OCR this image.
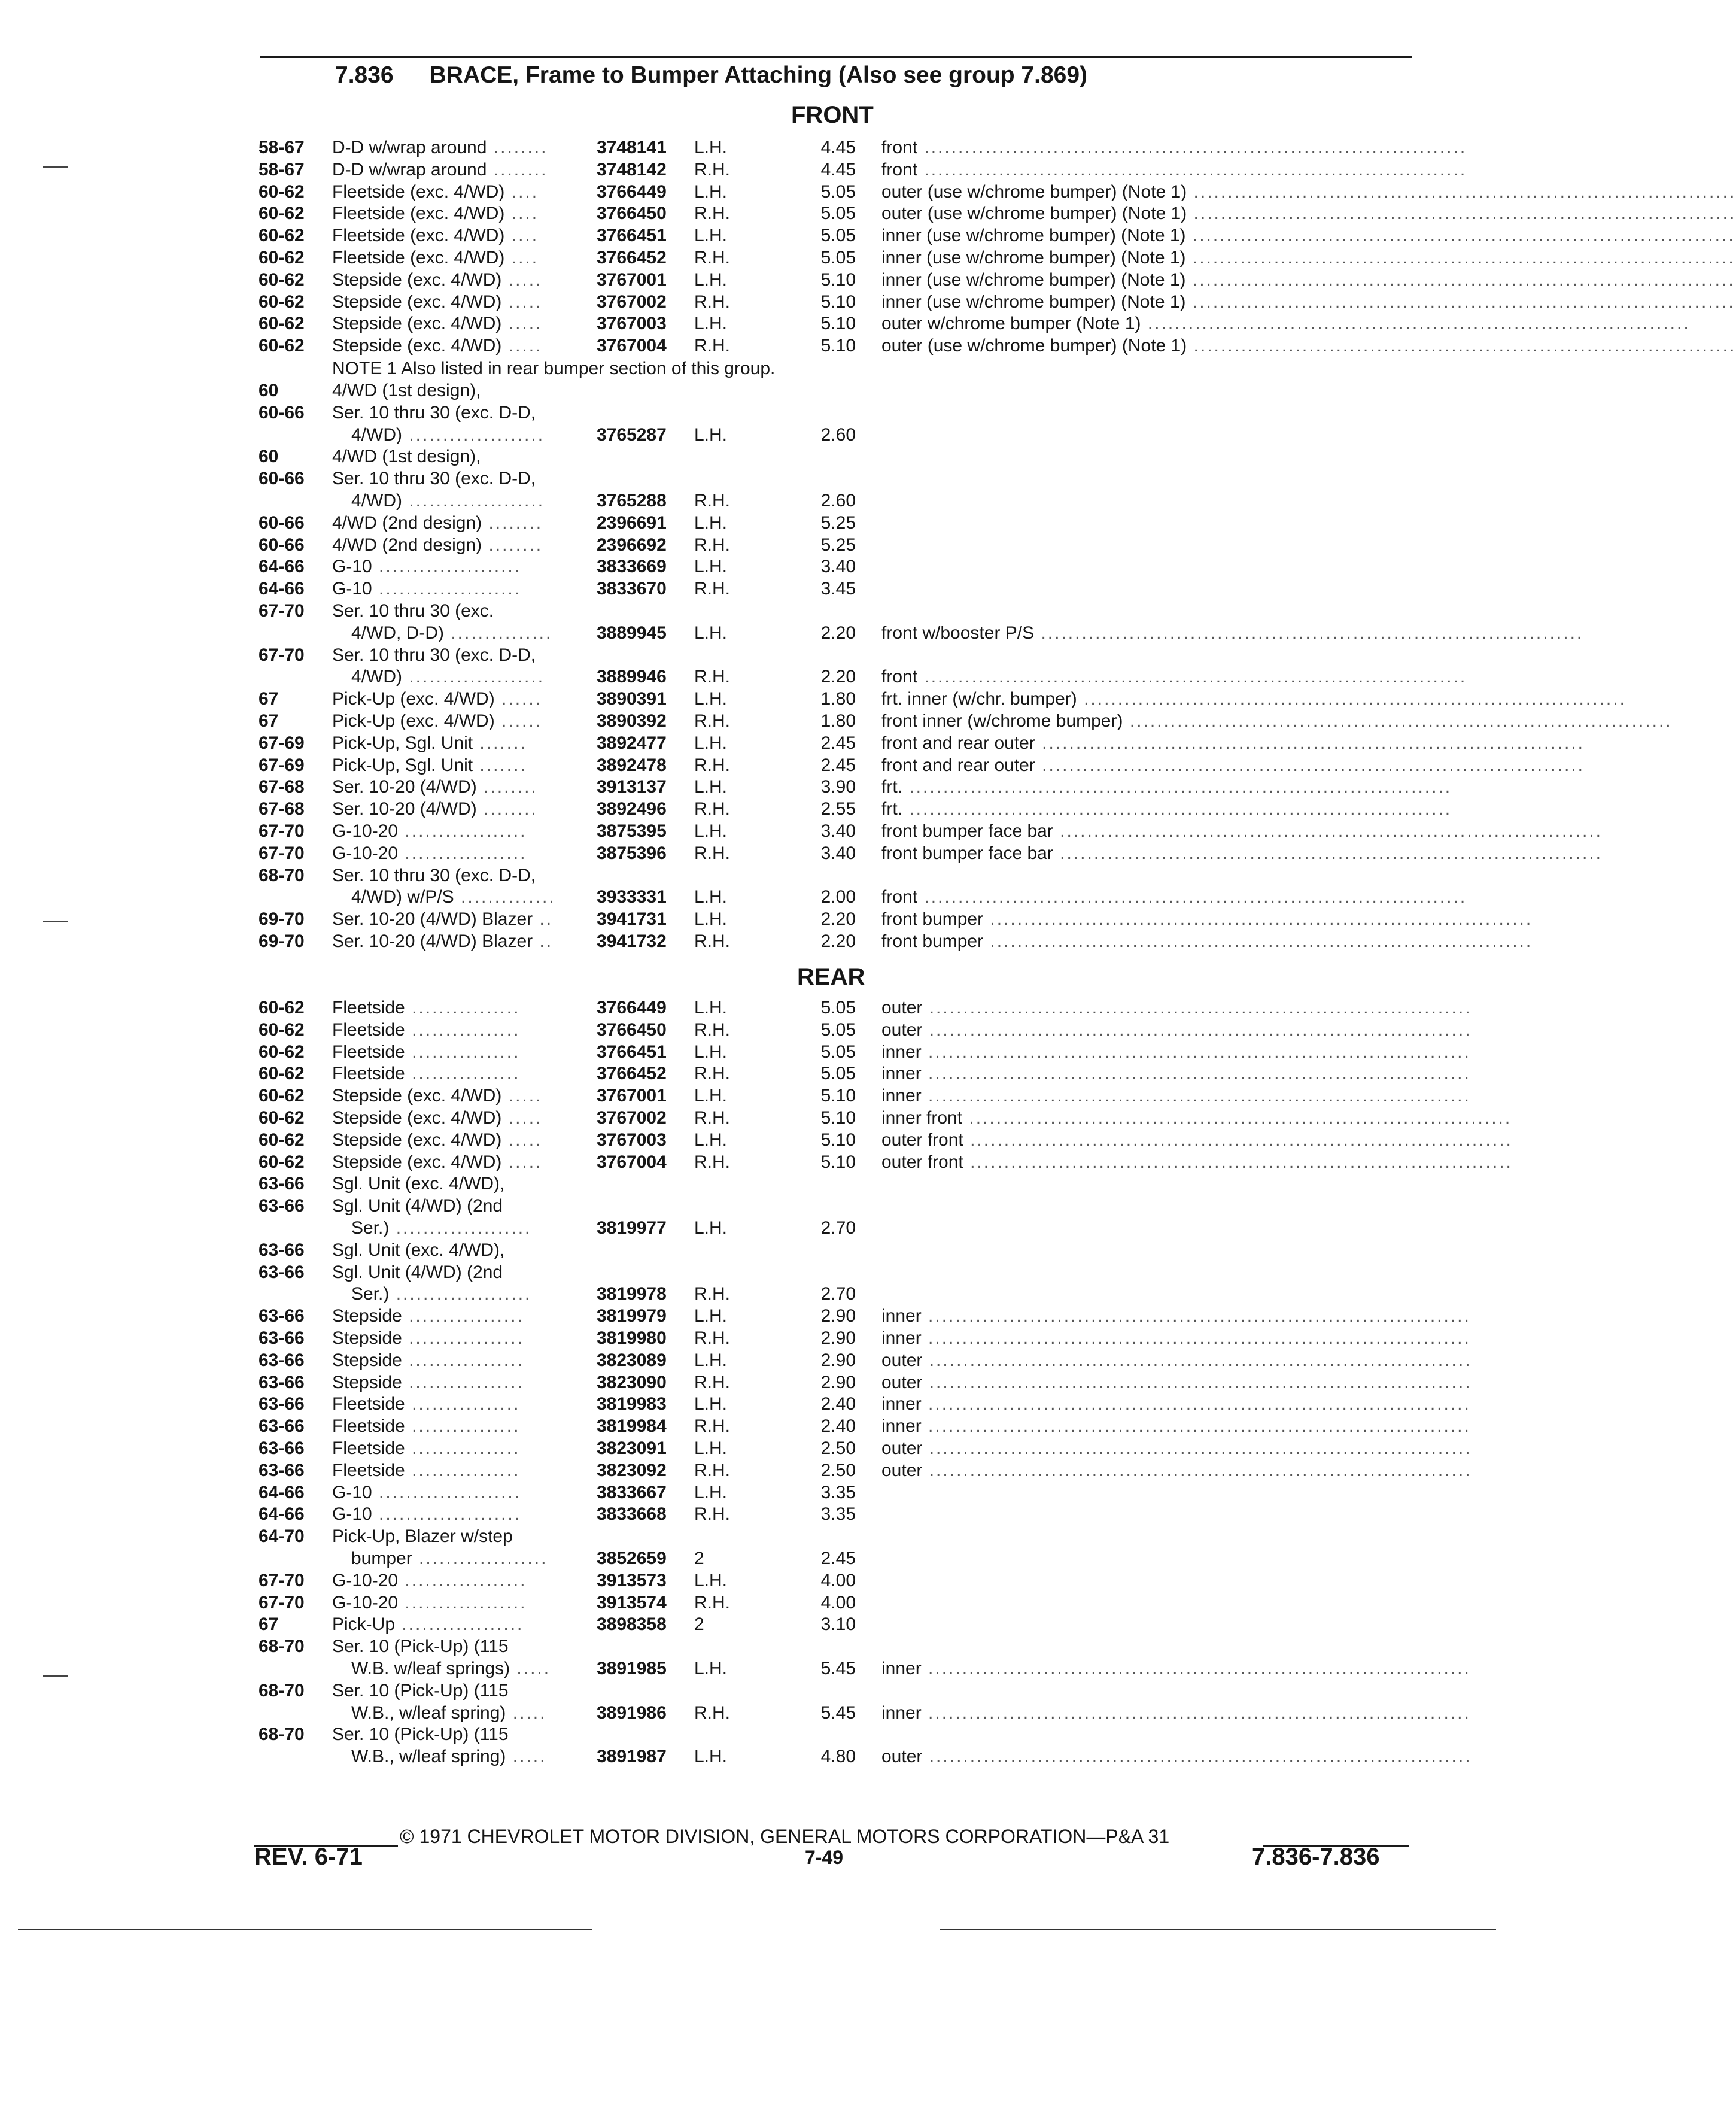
7.836 BRACE, Frame to Bumper Attaching (Also see group 7.869)
FRONT
58-67 D-D w/wrap around ........	3748141 L.H.	4.45 front ................................................................................
58-67 D-D w/wrap around ........	3748142 R.H.	4.45 front ................................................................................
60-62 Fleetside (exc. 4/WD) ....	3766449 L.H.	5.05 outer (use w/chrome bumper) (Note 1) ................................................................................
60-62 Fleetside (exc. 4/WD) ....	3766450 R.H.	5.05 outer (use w/chrome bumper) (Note 1) ................................................................................
60-62 Fleetside (exc. 4/WD) ....	3766451 L.H.	5.05 inner (use w/chrome bumper) (Note 1) ................................................................................
60-62 Fleetside (exc. 4/WD) ....	3766452 R.H.	5.05 inner (use w/chrome bumper) (Note 1) ................................................................................
60-62 Stepside (exc. 4/WD) .....	3767001 L.H.	5.10 inner (use w/chrome bumper) (Note 1) ................................................................................
60-62 Stepside (exc. 4/WD) .....	3767002 R.H.	5.10 inner (use w/chrome bumper) (Note 1) ................................................................................
60-62 Stepside (exc. 4/WD) .....	3767003 L.H.	5.10 outer w/chrome bumper (Note 1) ................................................................................
60-62 Stepside (exc. 4/WD) .....	3767004 R.H.	5.10 outer (use w/chrome bumper) (Note 1) ................................................................................
NOTE 1 Also listed in rear bumper section of this group.
60	4/WD (1st design),
60-66 Ser. 10 thru 30 (exc. D-D,
4/WD) ....................	3765287 L.H.	2.60
60	4/WD (1st design),
60-66 Ser. 10 thru 30 (exc. D-D,
4/WD) ....................	3765288 R.H.	2.60
60-66 4/WD (2nd design) ........	2396691 L.H.	5.25
60-66 4/WD (2nd design) ........	2396692 R.H.	5.25
64-66 G-10 .....................	3833669 L.H.	3.40
64-66 G-10 .....................	3833670 R.H.	3.45
67-70 Ser. 10 thru 30 (exc.
4/WD, D-D) ...............	3889945 L.H.	2.20 front w/booster P/S ................................................................................
67-70 Ser. 10 thru 30 (exc. D-D,
4/WD) ....................	3889946 R.H.	2.20 front ................................................................................
67	Pick-Up (exc. 4/WD) ......	3890391 L.H.	1.80 frt. inner (w/chr. bumper) ................................................................................
67	Pick-Up (exc. 4/WD) ......	3890392 R.H.	1.80 front inner (w/chrome bumper) ................................................................................
67-69 Pick-Up, Sgl. Unit .......	3892477 L.H.	2.45 front and rear outer ................................................................................
67-69 Pick-Up, Sgl. Unit .......	3892478 R.H.	2.45 front and rear outer ................................................................................
67-68 Ser. 10-20 (4/WD) ........	3913137 L.H.	3.90 frt. ................................................................................
67-68 Ser. 10-20 (4/WD) ........	3892496 R.H.	2.55 frt. ................................................................................
67-70 G-10-20 ..................	3875395 L.H.	3.40 front bumper face bar ................................................................................
67-70 G-10-20 ..................	3875396 R.H.	3.40 front bumper face bar ................................................................................
68-70 Ser. 10 thru 30 (exc. D-D,
4/WD) w/P/S ..............	3933331 L.H.	2.00 front ................................................................................
69-70 Ser. 10-20 (4/WD) Blazer ..	3941731 L.H.	2.20 front bumper ................................................................................
69-70 Ser. 10-20 (4/WD) Blazer ..	3941732 R.H.	2.20 front bumper ................................................................................
REAR
60-62 Fleetside ................	3766449 L.H.	5.05 outer ................................................................................
60-62 Fleetside ................	3766450 R.H.	5.05 outer ................................................................................
60-62 Fleetside ................	3766451 L.H.	5.05 inner ................................................................................
60-62 Fleetside ................	3766452 R.H.	5.05 inner ................................................................................
60-62 Stepside (exc. 4/WD) .....	3767001 L.H.	5.10 inner ................................................................................
60-62 Stepside (exc. 4/WD) .....	3767002 R.H.	5.10 inner front ................................................................................
60-62 Stepside (exc. 4/WD) .....	3767003 L.H.	5.10 outer front ................................................................................
60-62 Stepside (exc. 4/WD) .....	3767004 R.H.	5.10 outer front ................................................................................
63-66 Sgl. Unit (exc. 4/WD),
63-66 Sgl. Unit (4/WD) (2nd
Ser.) ....................	3819977 L.H.	2.70
63-66 Sgl. Unit (exc. 4/WD),
63-66 Sgl. Unit (4/WD) (2nd
Ser.) ....................	3819978 R.H.	2.70
63-66 Stepside .................	3819979 L.H.	2.90 inner ................................................................................
63-66 Stepside .................	3819980 R.H.	2.90 inner ................................................................................
63-66 Stepside .................	3823089 L.H.	2.90 outer ................................................................................
63-66 Stepside .................	3823090 R.H.	2.90 outer ................................................................................
63-66 Fleetside ................	3819983 L.H.	2.40 inner ................................................................................
63-66 Fleetside ................	3819984 R.H.	2.40 inner ................................................................................
63-66 Fleetside ................	3823091 L.H.	2.50 outer ................................................................................
63-66 Fleetside ................	3823092 R.H.	2.50 outer ................................................................................
64-66 G-10 .....................	3833667 L.H.	3.35
64-66 G-10 .....................	3833668 R.H.	3.35
64-70 Pick-Up, Blazer w/step
bumper ...................	3852659 2	2.45
67-70 G-10-20 ..................	3913573 L.H.	4.00
67-70 G-10-20 ..................	3913574 R.H.	4.00
67	Pick-Up ..................	3898358 2	3.10
68-70 Ser. 10 (Pick-Up) (115
W.B. w/leaf springs) .....	3891985 L.H.	5.45 inner ................................................................................
68-70 Ser. 10 (Pick-Up) (115
W.B., w/leaf spring) .....	3891986 R.H.	5.45 inner ................................................................................
68-70 Ser. 10 (Pick-Up) (115
W.B., w/leaf spring) .....	3891987 L.H.	4.80 outer ................................................................................
© 1971 CHEVROLET MOTOR DIVISION, GENERAL MOTORS CORPORATION—P&A 31
REV. 6-71	7-49	7.836-7.836
